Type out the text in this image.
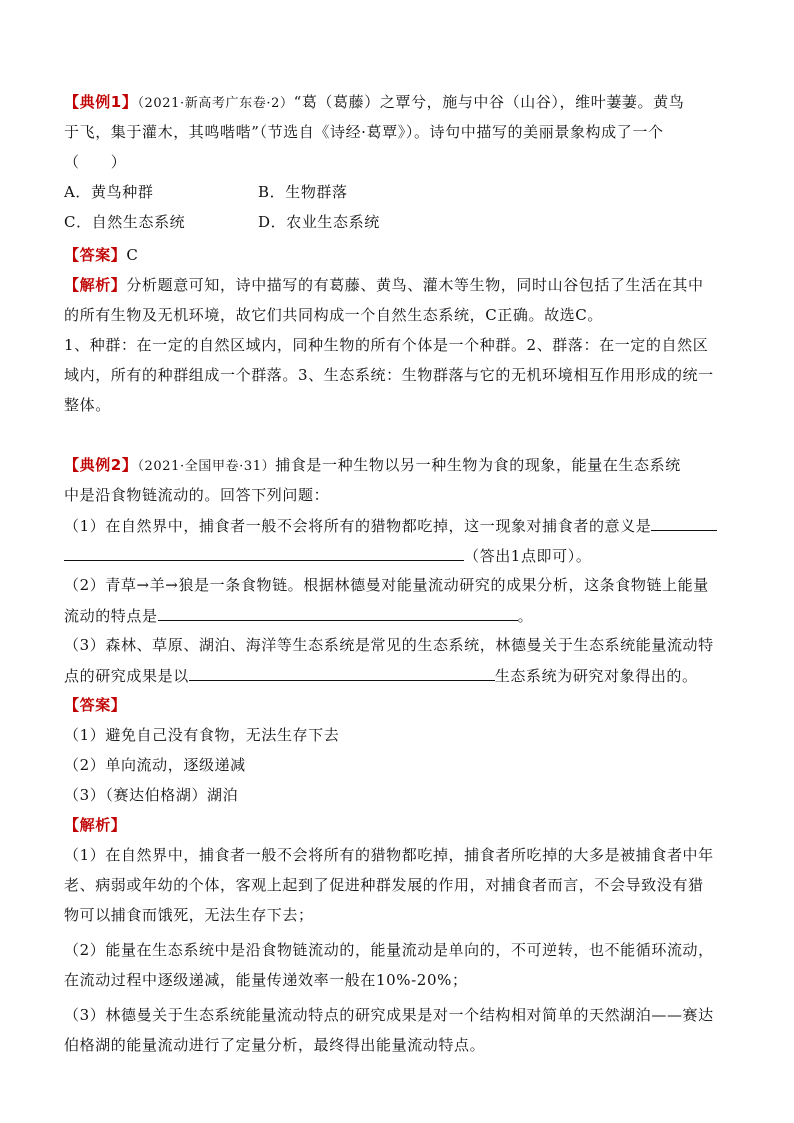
【典例1】（2021·新高考广东卷·2）“葛（葛藤）之覃兮，施与中谷（山谷），维叶萋萋。黄鸟
于飞，集于灌木，其鸣喈喈”（节选自《诗经·葛覃》）。诗句中描写的美丽景象构成了一个
（　　）
A．黄鸟种群	B．生物群落
C．自然生态系统	D．农业生态系统
【答案】C
【解析】分析题意可知，诗中描写的有葛藤、黄鸟、灌木等生物，同时山谷包括了生活在其中
的所有生物及无机环境，故它们共同构成一个自然生态系统，C正确。故选C。
1、种群：在一定的自然区域内，同种生物的所有个体是一个种群。2、群落：在一定的自然区
域内，所有的种群组成一个群落。3、生态系统：生物群落与它的无机环境相互作用形成的统一
整体。
【典例2】（2021·全国甲卷·31）捕食是一种生物以另一种生物为食的现象，能量在生态系统
中是沿食物链流动的。回答下列问题：
（1）在自然界中，捕食者一般不会将所有的猎物都吃掉，这一现象对捕食者的意义是
（答出1点即可）。
（2）青草→羊→狼是一条食物链。根据林德曼对能量流动研究的成果分析，这条食物链上能量
流动的特点是	。
（3）森林、草原、湖泊、海洋等生态系统是常见的生态系统，林德曼关于生态系统能量流动特
点的研究成果是以	生态系统为研究对象得出的。
【答案】
（1）避免自己没有食物，无法生存下去
（2）单向流动，逐级递减
（3）（赛达伯格湖）湖泊
【解析】
（1）在自然界中，捕食者一般不会将所有的猎物都吃掉，捕食者所吃掉的大多是被捕食者中年
老、病弱或年幼的个体，客观上起到了促进种群发展的作用，对捕食者而言，不会导致没有猎
物可以捕食而饿死，无法生存下去；
（2）能量在生态系统中是沿食物链流动的，能量流动是单向的，不可逆转，也不能循环流动，
在流动过程中逐级递减，能量传递效率一般在10%-20%；
（3）林德曼关于生态系统能量流动特点的研究成果是对一个结构相对简单的天然湖泊——赛达
伯格湖的能量流动进行了定量分析，最终得出能量流动特点。
